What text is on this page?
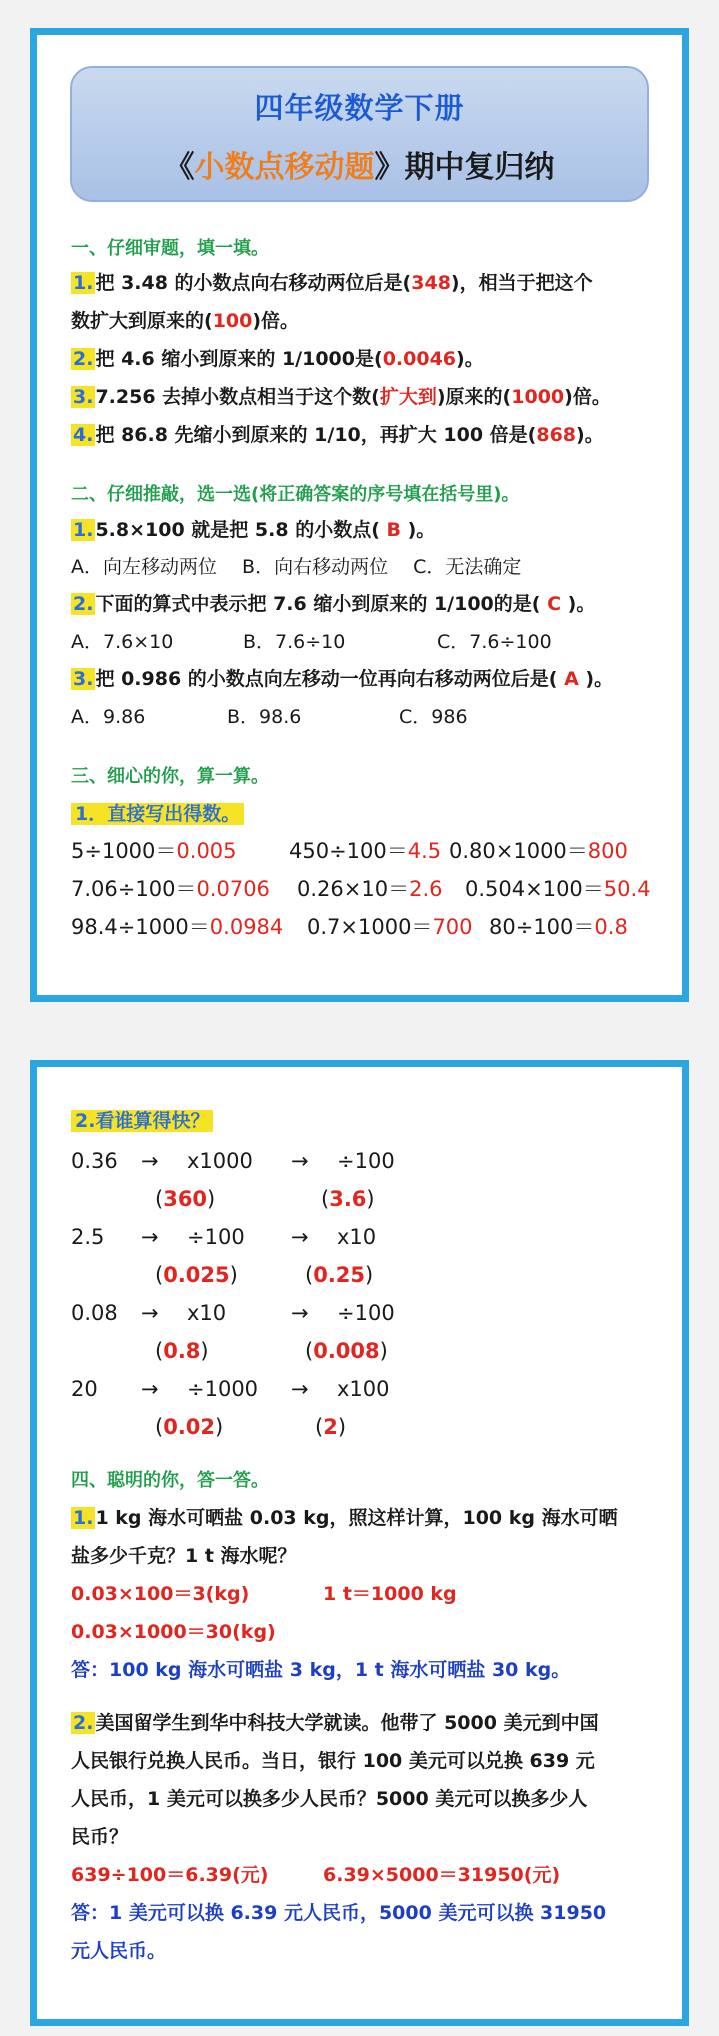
四年级数学下册
《小数点移动题》期中复归纳
一、仔细审题，填一填。
1. 把 3.48 的小数点向右移动两位后是(348)，相当于把这个
数扩大到原来的(100)倍。
2. 把 4.6 缩小到原来的 1/1000是(0.0046)。
3. 7.256 去掉小数点相当于这个数(扩大到)原来的(1000)倍。
4. 把 86.8 先缩小到原来的 1/10，再扩大 100 倍是(868)。
二、仔细推敲，选一选(将正确答案的序号填在括号里)。
1. 5.8×100 就是把 5.8 的小数点( B )。
A．向左移动两位　 B．向右移动两位　 C．无法确定
2. 下面的算式中表示把 7.6 缩小到原来的 1/100的是( C )。
A．7.6×10	B．7.6÷10	C．7.6÷100
3. 把 0.986 的小数点向左移动一位再向右移动两位后是( A )。
A．9.86	B．98.6	C．986
三、细心的你，算一算。
1．直接写出得数。
5÷1000＝0.005 450÷100＝4.5 0.80×1000＝800
7.06÷100＝0.0706 0.26×10＝2.6 0.504×100＝50.4
98.4÷1000＝0.0984 0.7×1000＝700 80÷100＝0.8
2.看谁算得快？
0.36 → x1000 → ÷100
(360)	(3.6)
2.5 → ÷100 → x10
(0.025)	(0.25)
0.08 → x10	→ ÷100
(0.8)	(0.008)
20 → ÷1000 → x100
(0.02)	(2)
四、聪明的你，答一答。
1. 1 kg 海水可晒盐 0.03 kg，照这样计算，100 kg 海水可晒
盐多少千克？1 t 海水呢？
0.03×100＝3(kg)	1 t＝1000 kg
0.03×1000＝30(kg)
答：100 kg 海水可晒盐 3 kg，1 t 海水可晒盐 30 kg。
2. 美国留学生到华中科技大学就读。他带了 5000 美元到中国
人民银行兑换人民币。当日，银行 100 美元可以兑换 639 元
人民币，1 美元可以换多少人民币？5000 美元可以换多少人
民币？
639÷100＝6.39(元)	6.39×5000＝31950(元)
答：1 美元可以换 6.39 元人民币，5000 美元可以换 31950
元人民币。
